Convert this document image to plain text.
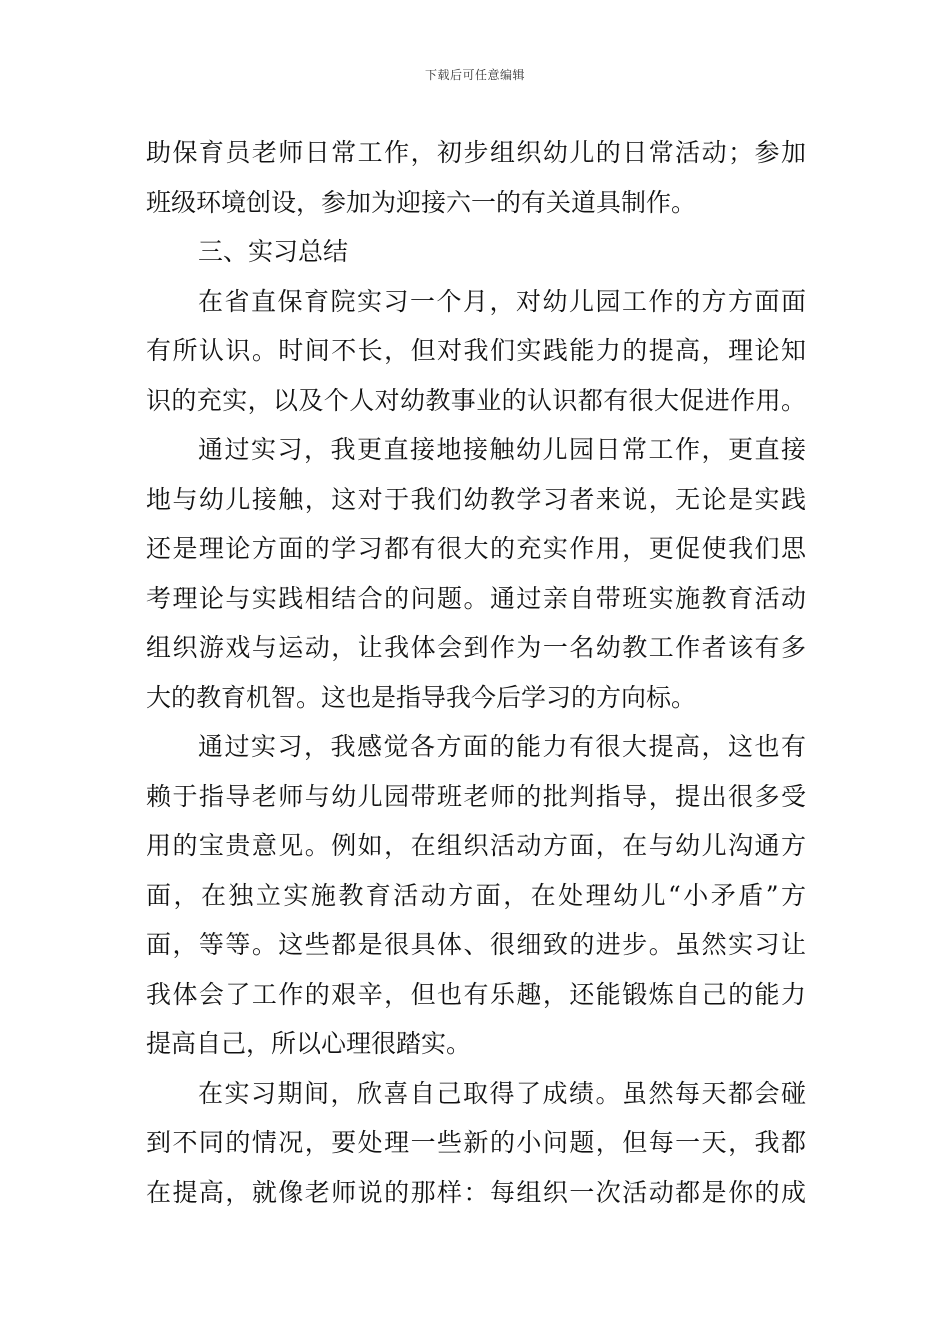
下载后可任意编辑
助保育员老师日常工作，初步组织幼儿的日常活动；参加
班级环境创设，参加为迎接六一的有关道具制作。
三、实习总结
在省直保育院实习一个月，对幼儿园工作的方方面面
有所认识。时间不长，但对我们实践能力的提高，理论知
识的充实，以及个人对幼教事业的认识都有很大促进作用。
通过实习，我更直接地接触幼儿园日常工作，更直接
地与幼儿接触，这对于我们幼教学习者来说，无论是实践
还是理论方面的学习都有很大的充实作用，更促使我们思
考理论与实践相结合的问题。通过亲自带班实施教育活动
组织游戏与运动，让我体会到作为一名幼教工作者该有多
大的教育机智。这也是指导我今后学习的方向标。
通过实习，我感觉各方面的能力有很大提高，这也有
赖于指导老师与幼儿园带班老师的批判指导，提出很多受
用的宝贵意见。例如，在组织活动方面，在与幼儿沟通方
面，在独立实施教育活动方面，在处理幼儿“小矛盾”方
面，等等。这些都是很具体、很细致的进步。虽然实习让
我体会了工作的艰辛，但也有乐趣，还能锻炼自己的能力
提高自己，所以心理很踏实。
在实习期间，欣喜自己取得了成绩。虽然每天都会碰
到不同的情况，要处理一些新的小问题，但每一天，我都
在提高，就像老师说的那样：每组织一次活动都是你的成
